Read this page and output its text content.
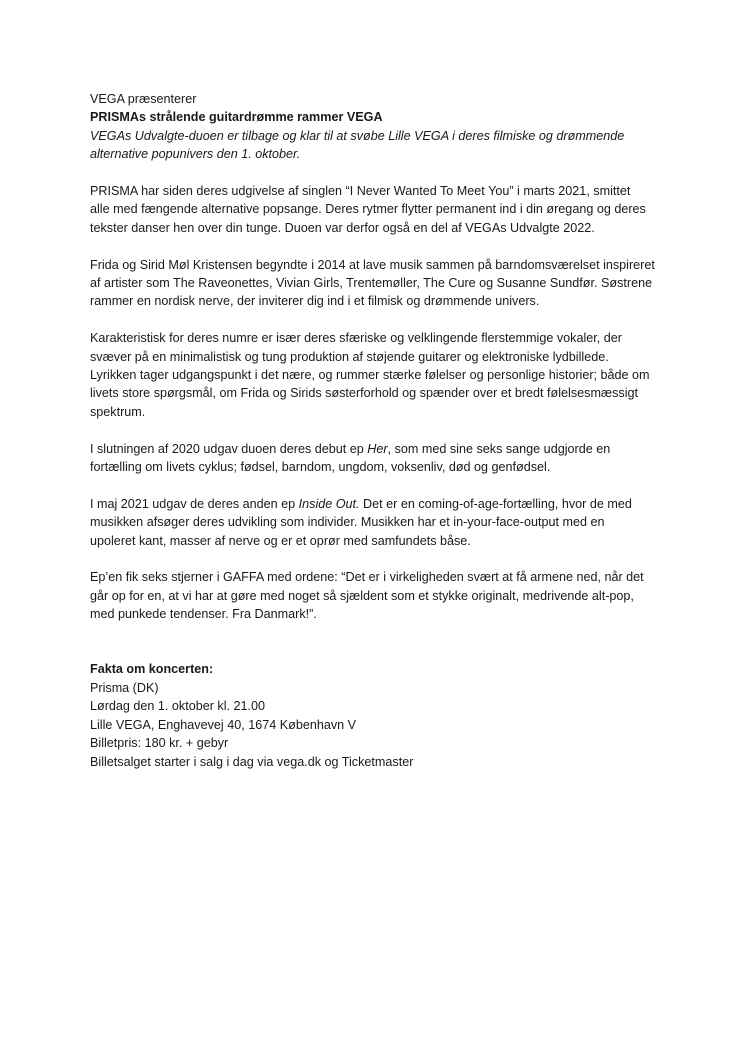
VEGA præsenterer
PRISMAs strålende guitardrømme rammer VEGA
VEGAs Udvalgte-duoen er tilbage og klar til at svøbe Lille VEGA i deres filmiske og drømmende
alternative popunivers den 1. oktober.
PRISMA har siden deres udgivelse af singlen “I Never Wanted To Meet You” i marts 2021, smittet
alle med fængende alternative popsange. Deres rytmer flytter permanent ind i din øregang og deres
tekster danser hen over din tunge. Duoen var derfor også en del af VEGAs Udvalgte 2022.
Frida og Sirid Møl Kristensen begyndte i 2014 at lave musik sammen på barndomsværelset inspireret
af artister som The Raveonettes, Vivian Girls, Trentemøller, The Cure og Susanne Sundfør. Søstrene
rammer en nordisk nerve, der inviterer dig ind i et filmisk og drømmende univers.
Karakteristisk for deres numre er især deres sfæriske og velklingende flerstemmige vokaler, der
svæver på en minimalistisk og tung produktion af støjende guitarer og elektroniske lydbillede.
Lyrikken tager udgangspunkt i det nære, og rummer stærke følelser og personlige historier; både om
livets store spørgsmål, om Frida og Sirids søsterforhold og spænder over et bredt følelsesmæssigt
spektrum.
I slutningen af 2020 udgav duoen deres debut ep Her, som med sine seks sange udgjorde en
fortælling om livets cyklus; fødsel, barndom, ungdom, voksenliv, død og genfødsel.
I maj 2021 udgav de deres anden ep Inside Out. Det er en coming-of-age-fortælling, hvor de med
musikken afsøger deres udvikling som individer. Musikken har et in-your-face-output med en
upoleret kant, masser af nerve og er et oprør med samfundets båse.
Ep’en fik seks stjerner i GAFFA med ordene: “Det er i virkeligheden svært at få armene ned, når det
går op for en, at vi har at gøre med noget så sjældent som et stykke originalt, medrivende alt-pop,
med punkede tendenser. Fra Danmark!”.
Fakta om koncerten:
Prisma (DK)
Lørdag den 1. oktober kl. 21.00
Lille VEGA, Enghavevej 40, 1674 København V
Billetpris: 180 kr. + gebyr
Billetsalget starter i salg i dag via vega.dk og Ticketmaster
